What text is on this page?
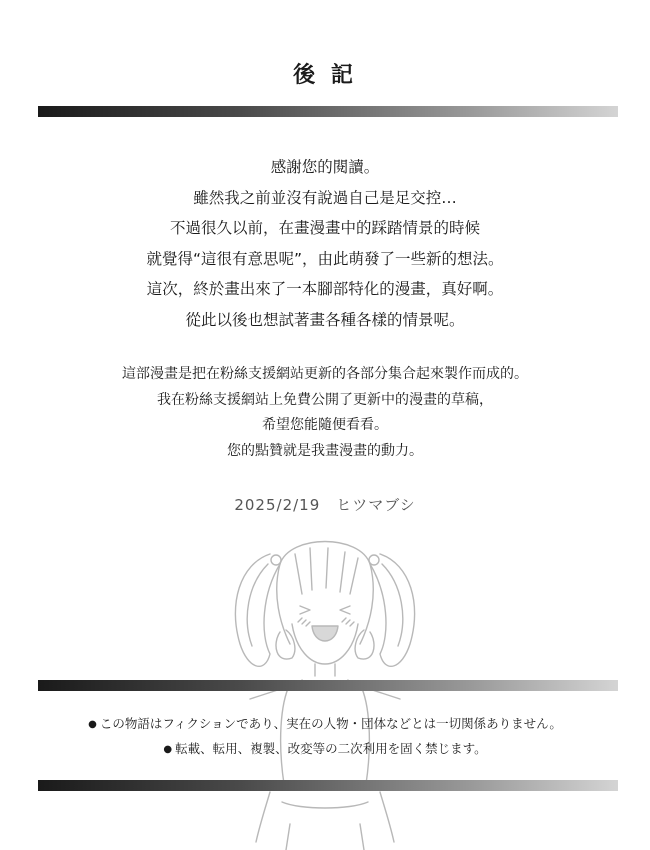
後 記
感謝您的閱讀。
雖然我之前並沒有說過自己是足交控…
不過很久以前，在畫漫畫中的踩踏情景的時候
就覺得“這很有意思呢”，由此萌發了一些新的想法。
這次，終於畫出來了一本腳部特化的漫畫，真好啊。
從此以後也想試著畫各種各樣的情景呢。
這部漫畫是把在粉絲支援網站更新的各部分集合起來製作而成的。
我在粉絲支援網站上免費公開了更新中的漫畫的草稿，
希望您能隨便看看。
您的點贊就是我畫漫畫的動力。
2025/2/19　ヒツマブシ
● この物語はフィクションであり、実在の人物・団体などとは一切関係ありません。
● 転載、転用、複製、改変等の二次利用を固く禁じます。
